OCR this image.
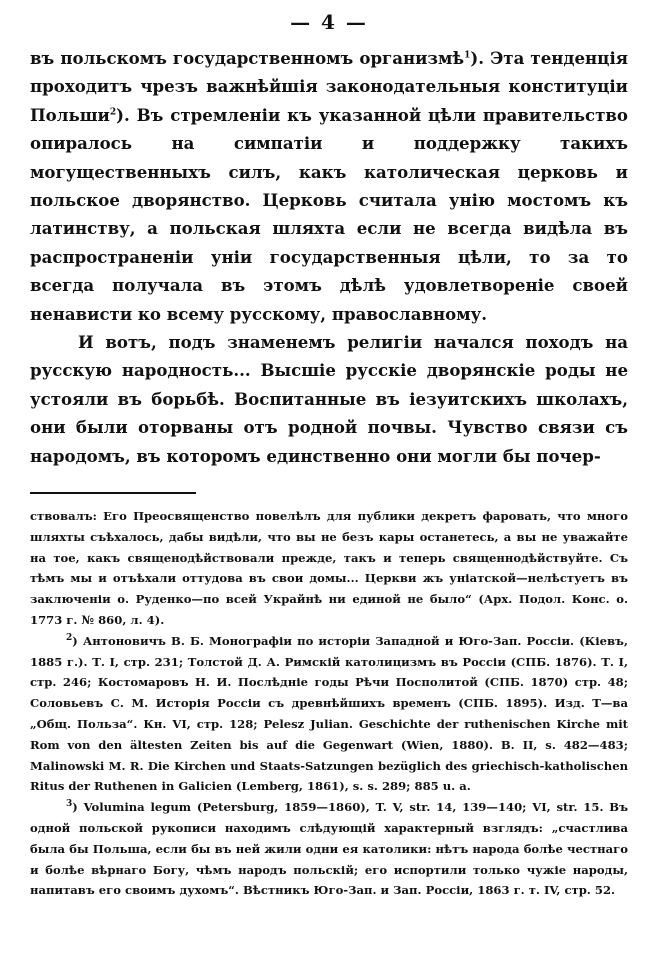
— 4 —

въ польскомъ государственномъ организмѣ$^1$). Эта тенденція проходитъ чрезъ важнѣйшія законодательныя конституціи Польши$^2$). Въ стремленіи къ указанной цѣли правительство опиралось на симпатіи и поддержку такихъ могущественныхъ силъ, какъ католическая церковь и польское дворянство. Церковь считала унію мостомъ къ латинству, а польская шляхта если не всегда видѣла въ распространеніи уніи государственныя цѣли, то за то всегда получала въ этомъ дѣлѣ удовлетвореніе своей ненависти ко всему русскому, православному.

И вотъ, подъ знаменемъ религіи начался походъ на русскую народность... Высшіе русскіе дворянскіе роды не устояли въ борьбѣ. Воспитанные въ іезуитскихъ школахъ, они были оторваны отъ родной почвы. Чувство связи съ народомъ, въ которомъ единственно они могли бы почер-

ствовалъ: Его Преосвященство повелѣлъ для публики декретъ фаровать, что много шляхты съѣхалось, дабы видѣли, что вы не безъ кары останетесь, а вы не уважайте на тое, какъ священодѣйствовали прежде, такъ и теперь священнодѣйствуйте. Съ тѣмъ мы и отъѣхали оттудова въ свои домы... Церкви жъ уніатской—нелѣстуетъ въ заключеніи о. Руденко—по всей Украйнѣ ни единой не было“ (Арх. Подол. Конс. о. 1773 г. № 860, л. 4).

$^2$) Антоновичъ В. Б. Монографіи по исторіи Западной и Юго-Зап. Россіи. (Кіевъ, 1885 г.). Т. І, стр. 231; Толстой Д. А. Римскій католицизмъ въ Россіи (СПБ. 1876). Т. І, стр. 246; Костомаровъ Н. И. Послѣдніе годы Рѣчи Посполитой (СПБ. 1870) стр. 48; Соловьевъ С. М. Исторія Россіи съ древнѣйшихъ временъ (СПБ. 1895). Изд. Т—ва „Общ. Польза“. Кн. VI, стр. 128; Pelesz Julian. Geschichte der ruthenischen Kirche mit Rom von den ältesten Zeiten bis auf die Gegenwart (Wien, 1880). B. II, s. 482—483; Malinowski M. R. Die Kirchen und Staats-Satzungen bezüglich des griechisch-katholischen Ritus der Ruthenen in Galicien (Lemberg, 1861), s. s. 289; 885 u. a.

$^3$) Volumina legum (Petersburg, 1859—1860), T. V, str. 14, 139—140; VI, str. 15. Въ одной польской рукописи находимъ слѣдующій характерный взглядъ: „счастлива была бы Польша, если бы въ ней жили одни ея католики: нѣтъ народа болѣе честнаго и болѣе вѣрнаго Богу, чѣмъ народъ польскій; его испортили только чужіе народы, напитавъ его своимъ духомъ“. Вѣстникъ Юго-Зап. и Зап. Россіи, 1863 г. т. IV, стр. 52.
